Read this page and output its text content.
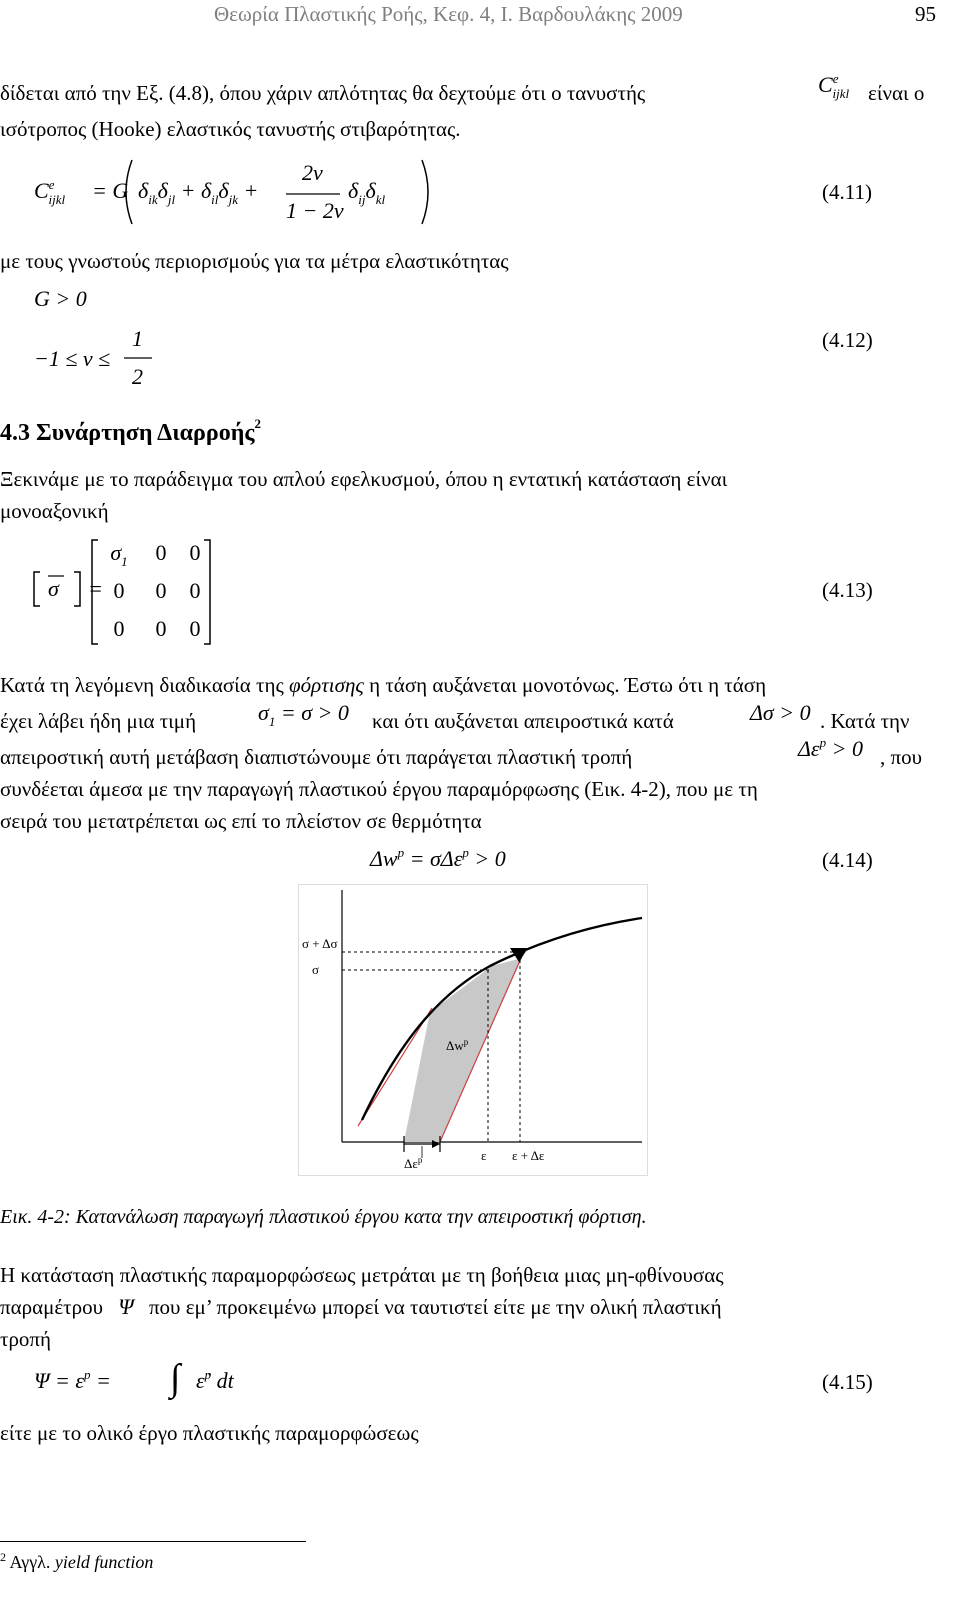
Θεωρία Πλαστικής Ροής, Κεφ. 4, Ι. Βαρδουλάκης 2009	95
δίδεται από την Εξ. (4.8), όπου χάριν απλότητας θα δεχτούμε ότι ο τανυστής	$C^e_{ijkl}$ είναι ο
ισότροπος (Hooke) ελαστικός τανυστής στιβαρότητας.
$C^e_{ijkl} = G$ $\delta_{ik}\delta_{jl} + \delta_{il}\delta_{jk}$ +
2ν
1 − 2ν
$\delta_{ij}\delta_{kl}$	(4.11)
με τους γνωστούς περιορισμούς για τα μέτρα ελαστικότητας
G > 0
−1 ≤ ν ≤
1
2
(4.12)
4.3 Συνάρτηση Διαρροής$^2$
Ξεκινάμε με το παράδειγμα του απλού εφελκυσμού, όπου η εντατική κατάσταση είναι
μονοαξονική
σ =
$\sigma_1$	0	0
0	0	0
0	0	0
(4.13)
Κατά τη λεγόμενη διαδικασία της φόρτισης η τάση αυξάνεται μονοτόνως. Έστω ότι η τάση
έχει λάβει ήδη μια τιμή	$\sigma_1 = \sigma > 0$ και ότι αυξάνεται απειροστικά κατά	Δσ > 0 . Κατά την
απειροστική αυτή μετάβαση διαπιστώνουμε ότι παράγεται πλαστική τροπή	$\Delta\varepsilon^p > 0$ , που
συνδέεται άμεσα με την παραγωγή πλαστικού έργου παραμόρφωσης (Εικ. 4-2), που με τη
σειρά του μετατρέπεται ως επί το πλείστον σε θερμότητα
$\Delta w^p = \sigma\Delta\varepsilon^p > 0$	(4.14)
σ + Δσ
σ
ε ε + Δε
$\Delta w^p$
$\Delta\varepsilon^p$
Εικ. 4-2: Κατανάλωση παραγωγή πλαστικού έργου κατα την απειροστική φόρτιση.
Η κατάσταση πλαστικής παραμορφώσεως μετράται με τη βοήθεια μιας μη-φθίνουσας
παραμέτρου Ψ που εμ’ προκειμένω μπορεί να ταυτιστεί είτε με την ολική πλαστική
τροπή
$\Psi = \varepsilon^p$ = ∫ ε̇$^p$ dt	(4.15)
είτε με το ολικό έργο πλαστικής παραμορφώσεως
$^2$ Αγγλ. yield function
